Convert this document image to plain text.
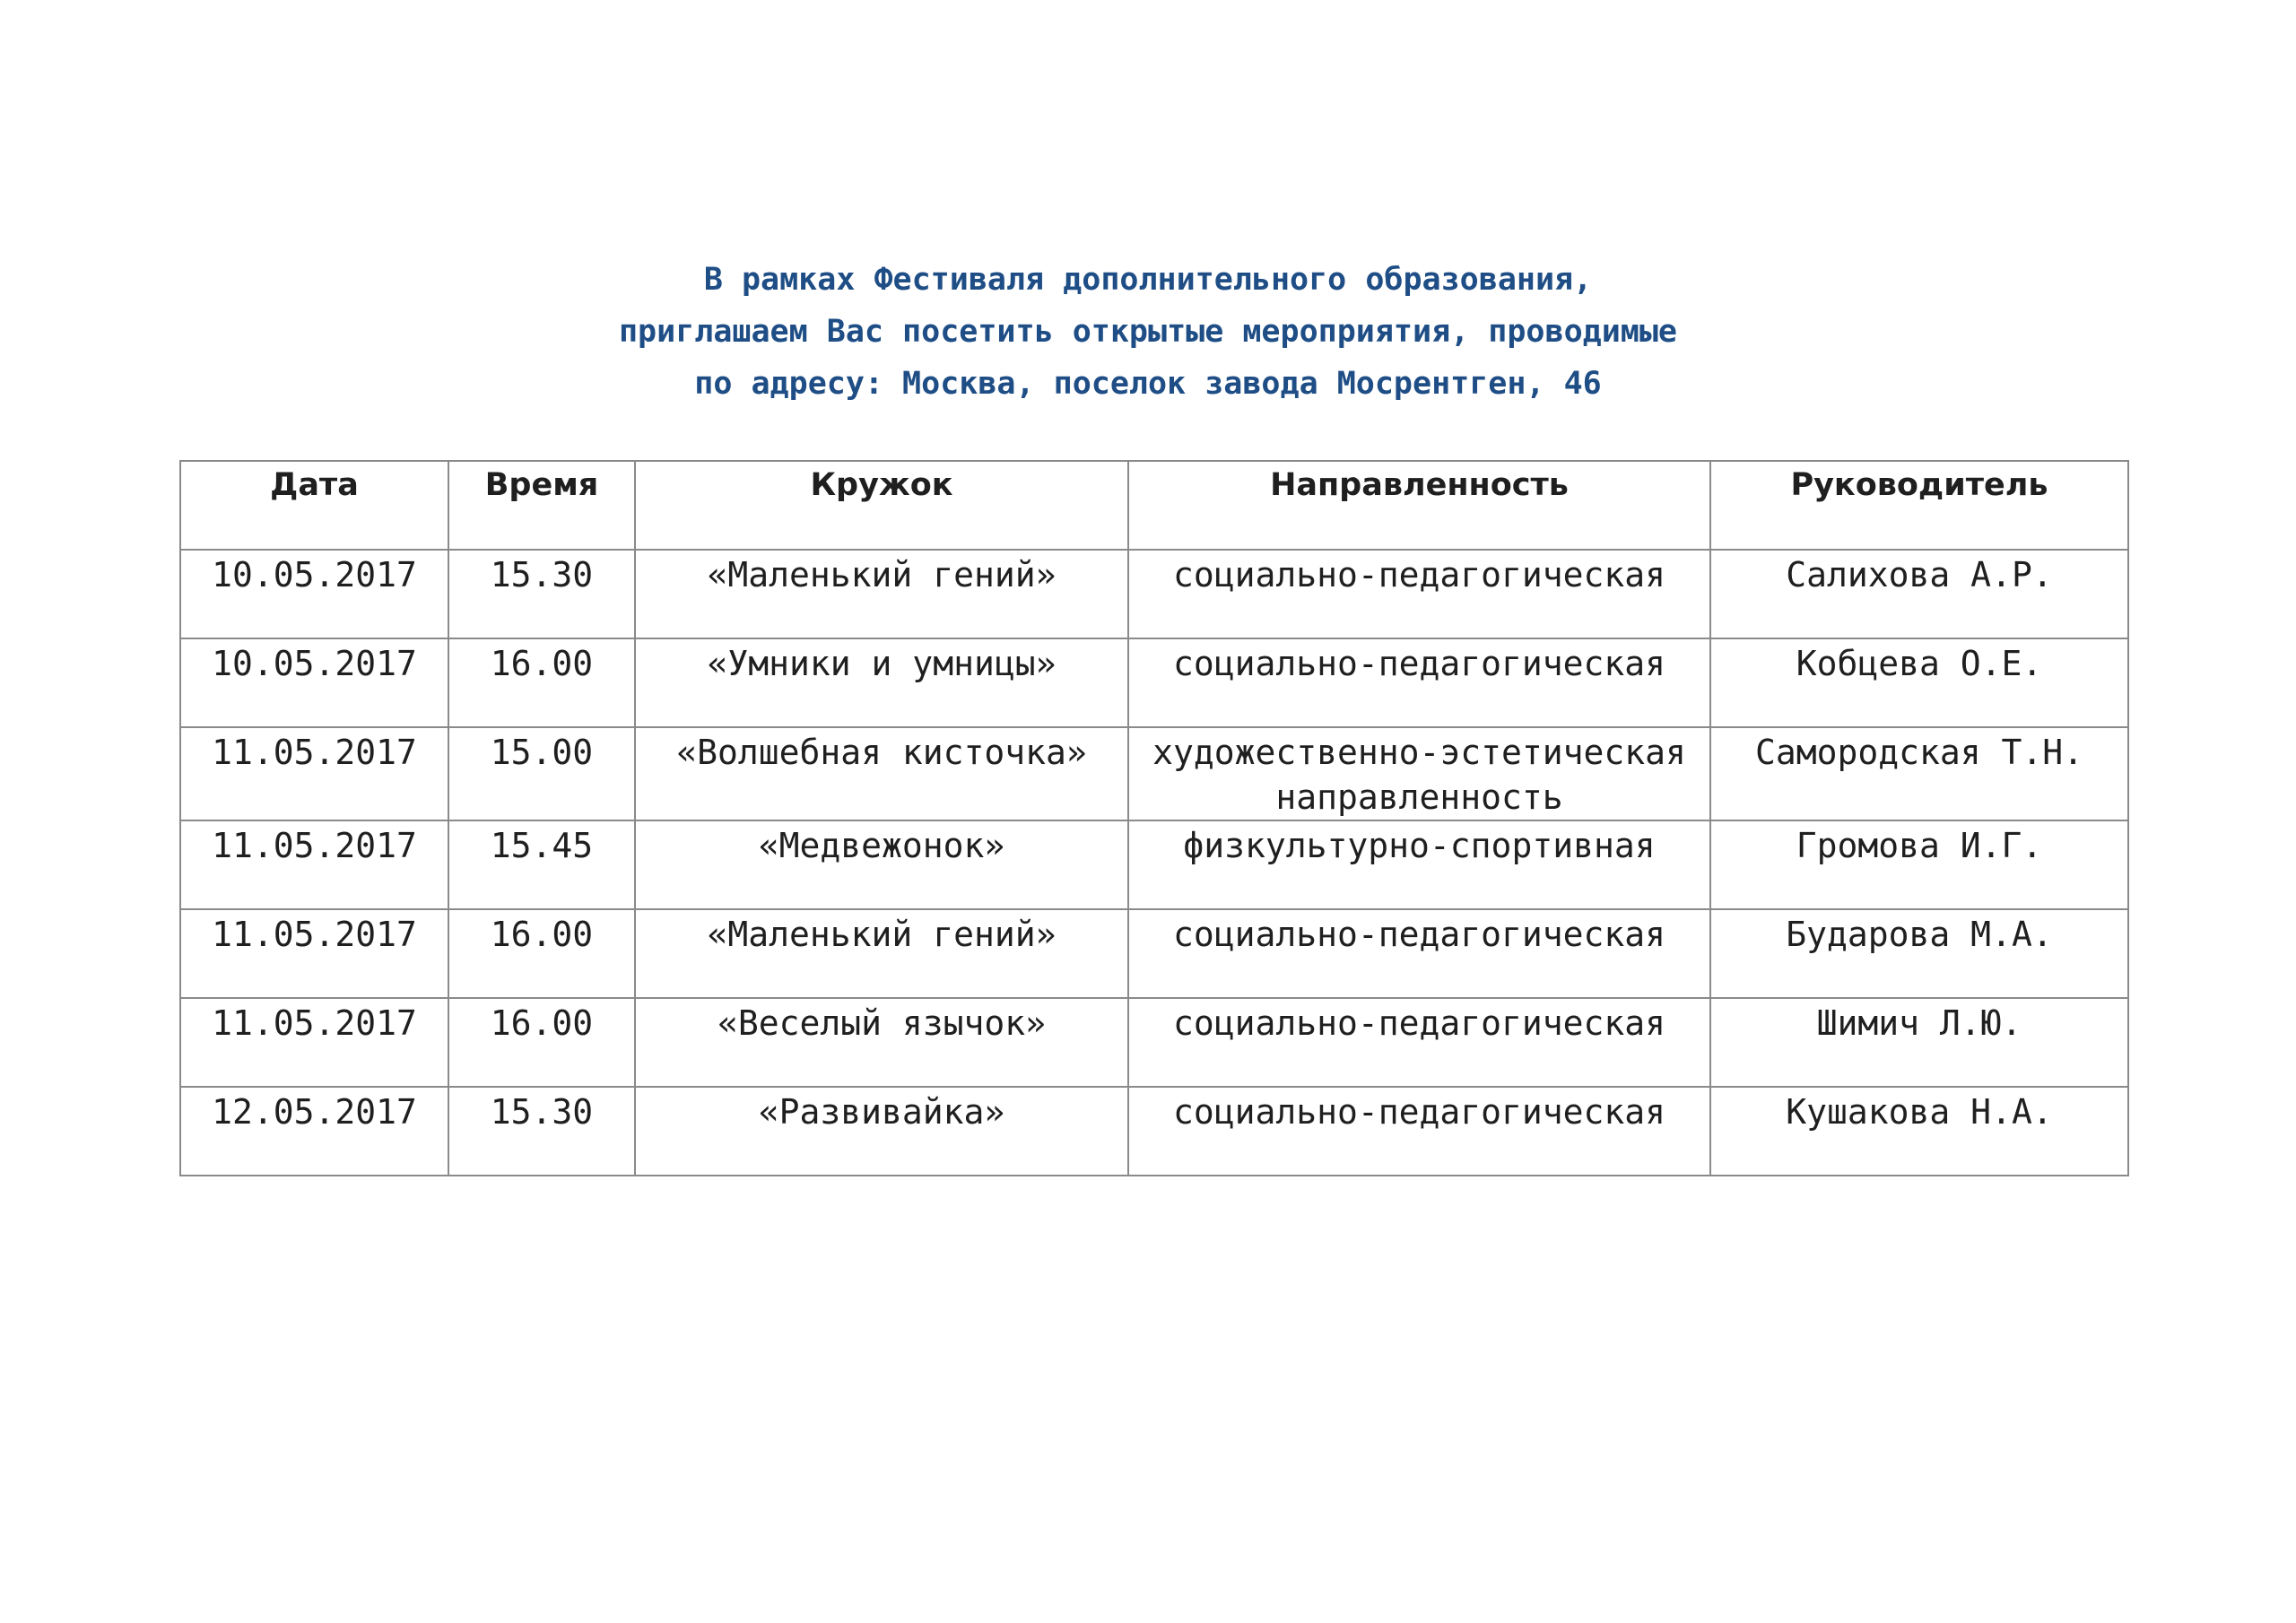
В рамках Фестиваля дополнительного образования,
приглашаем Вас посетить открытые мероприятия, проводимые
по адресу: Москва, поселок завода Мосрентген, 46
Дата	Время	Кружок	Направленность	Руководитель
10.05.2017	15.30	«Маленький гений»	социально-педагогическая	Салихова А.Р.
10.05.2017	16.00	«Умники и умницы»	социально-педагогическая	Кобцева О.Е.
11.05.2017	15.00	«Волшебная кисточка»	художественно-эстетическая направленность	Самородская Т.Н.
11.05.2017	15.45	«Медвежонок»	физкультурно-спортивная	Громова И.Г.
11.05.2017	16.00	«Маленький гений»	социально-педагогическая	Бударова М.А.
11.05.2017	16.00	«Веселый язычок»	социально-педагогическая	Шимич Л.Ю.
12.05.2017	15.30	«Развивайка»	социально-педагогическая	Кушакова Н.А.
